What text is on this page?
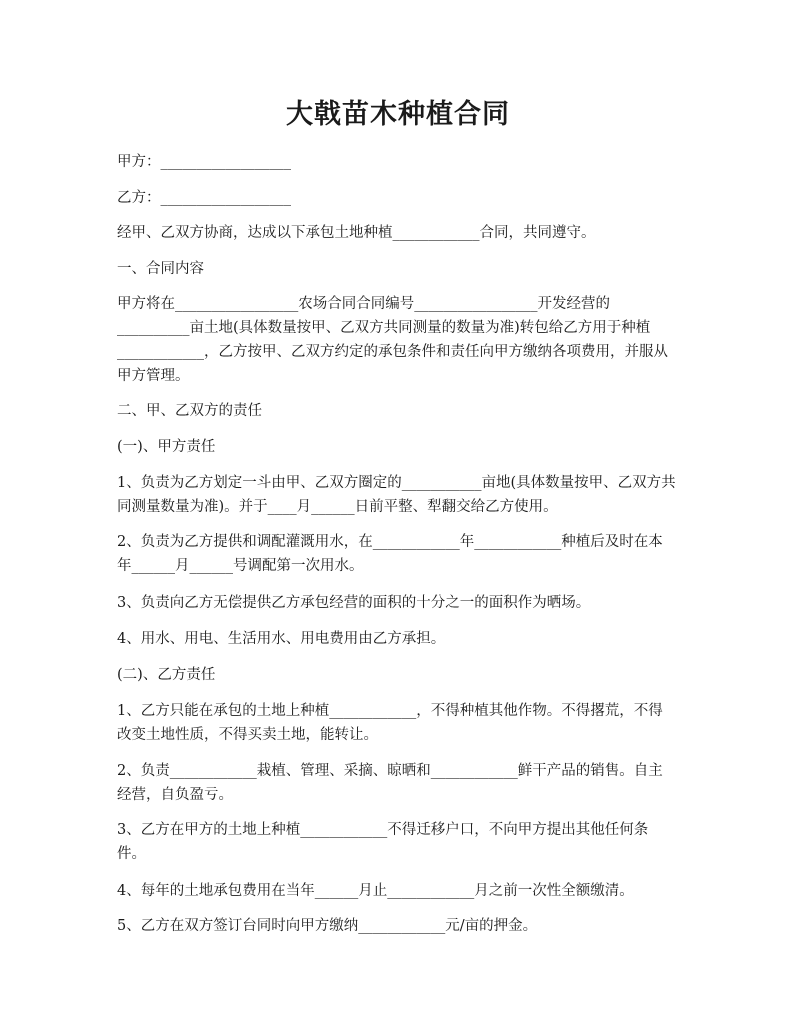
大戟苗木种植合同
甲方：__________________
乙方：__________________
经甲、乙双方协商，达成以下承包土地种植____________合同，共同遵守。
一、合同内容
甲方将在_________________农场合同合同编号_________________开发经营的__________亩土地(具体数量按甲、乙双方共同测量的数量为准)转包给乙方用于种植____________，乙方按甲、乙双方约定的承包条件和责任向甲方缴纳各项费用，并服从甲方管理。
二、甲、乙双方的责任
(一)、甲方责任
1、负责为乙方划定一斗由甲、乙双方圈定的___________亩地(具体数量按甲、乙双方共同测量数量为准)。并于____月______日前平整、犁翻交给乙方使用。
2、负责为乙方提供和调配灌溉用水，在____________年____________种植后及时在本年______月______号调配第一次用水。
3、负责向乙方无偿提供乙方承包经营的面积的十分之一的面积作为晒场。
4、用水、用电、生活用水、用电费用由乙方承担。
(二)、乙方责任
1、乙方只能在承包的土地上种植____________，不得种植其他作物。不得撂荒，不得改变土地性质，不得买卖土地，能转让。
2、负责____________栽植、管理、采摘、晾晒和____________鲜干产品的销售。自主经营，自负盈亏。
3、乙方在甲方的土地上种植____________不得迁移户口，不向甲方提出其他任何条件。
4、每年的土地承包费用在当年______月止____________月之前一次性全额缴清。
5、乙方在双方签订台同时向甲方缴纳____________元/亩的押金。
